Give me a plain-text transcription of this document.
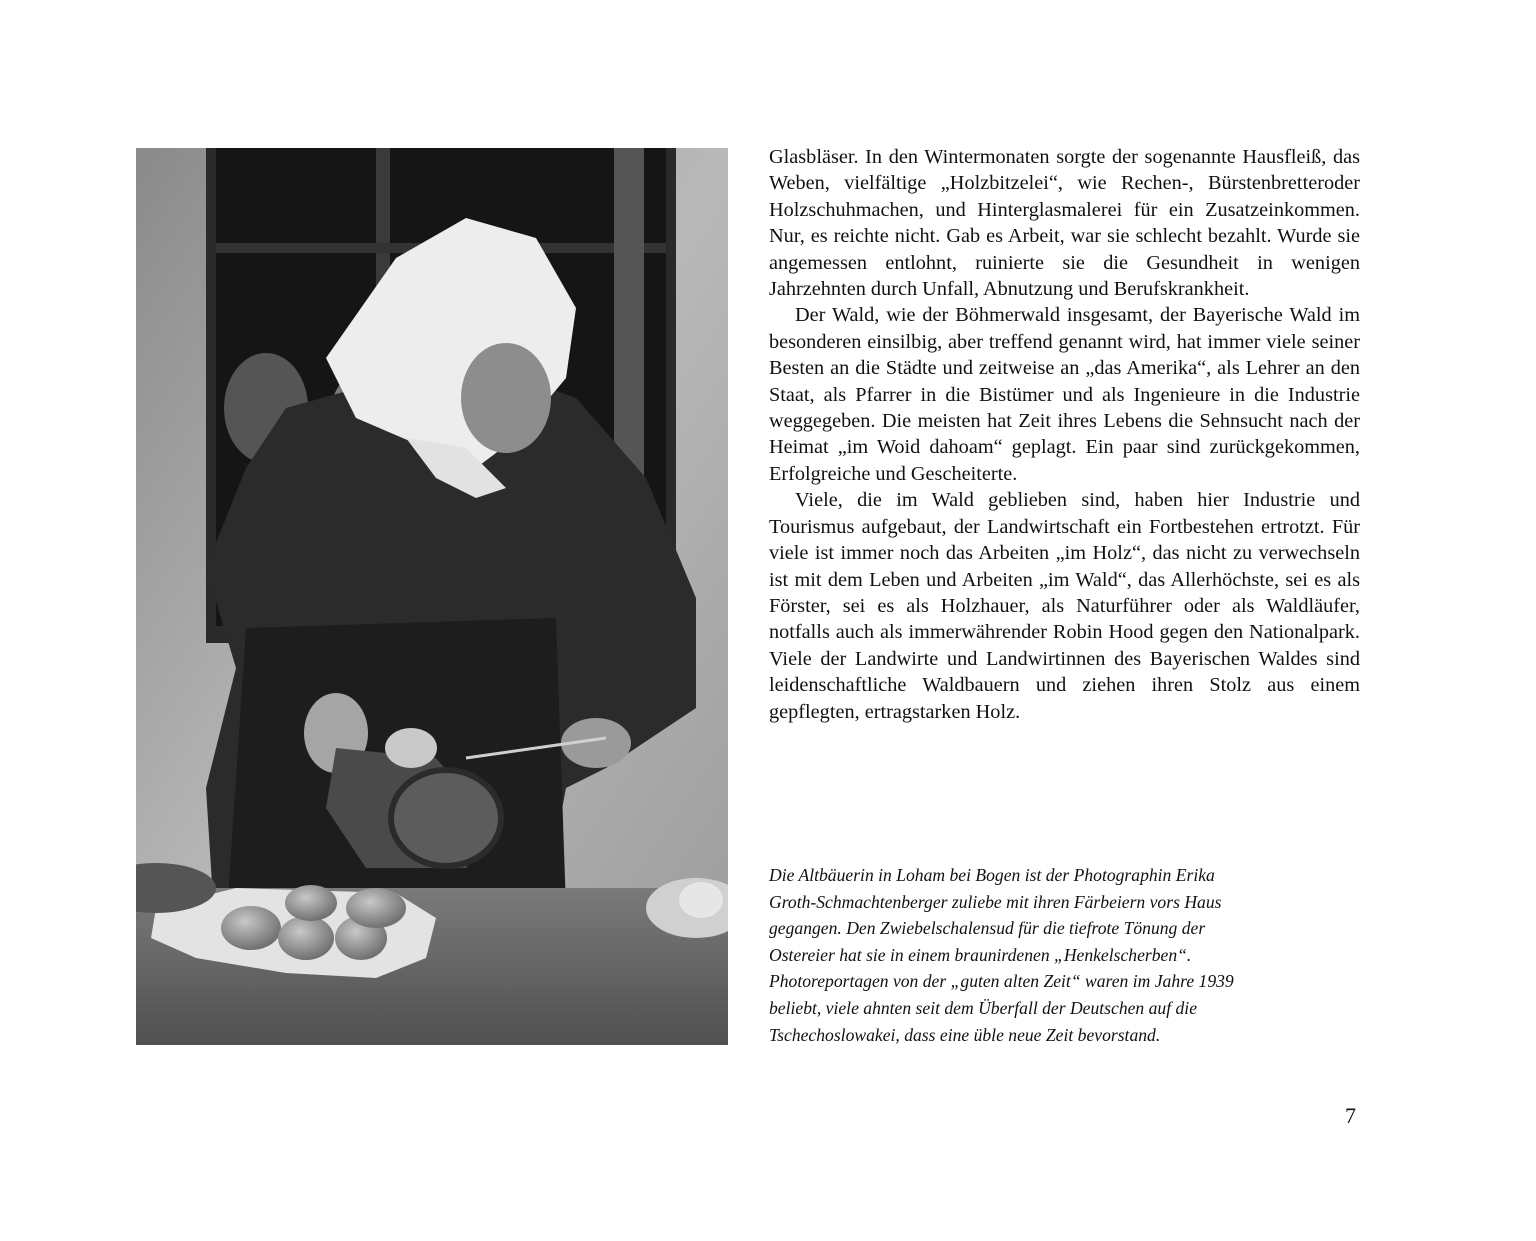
Glasbläser. In den Wintermonaten sorgte der sogenannte Hausfleiß, das Weben, vielfältige „Holzbitzelei“, wie Rechen-, Bürstenbretteroder Holzschuhmachen, und Hinterglasmalerei für ein Zusatzeinkommen. Nur, es reichte nicht. Gab es Arbeit, war sie schlecht bezahlt. Wurde sie angemessen entlohnt, ruinierte sie die Gesundheit in wenigen Jahrzehnten durch Unfall, Abnutzung und Berufskrankheit.

Der Wald, wie der Böhmerwald insgesamt, der Bayerische Wald im besonderen einsilbig, aber treffend genannt wird, hat immer viele seiner Besten an die Städte und zeitweise an „das Amerika“, als Lehrer an den Staat, als Pfarrer in die Bistümer und als Ingenieure in die Industrie weggegeben. Die meisten hat Zeit ihres Lebens die Sehnsucht nach der Heimat „im Woid dahoam“ geplagt. Ein paar sind zurückgekommen, Erfolgreiche und Gescheiterte.

Viele, die im Wald geblieben sind, haben hier Industrie und Tourismus aufgebaut, der Landwirtschaft ein Fortbestehen ertrotzt. Für viele ist immer noch das Arbeiten „im Holz“, das nicht zu verwechseln ist mit dem Leben und Arbeiten „im Wald“, das Allerhöchste, sei es als Förster, sei es als Holzhauer, als Naturführer oder als Waldläufer, notfalls auch als immerwährender Robin Hood gegen den Nationalpark. Viele der Landwirte und Landwirtinnen des Bayerischen Waldes sind leidenschaftliche Waldbauern und ziehen ihren Stolz aus einem gepflegten, ertragstarken Holz.

Die Altbäuerin in Loham bei Bogen ist der Photographin Erika
Groth-Schmachtenberger zuliebe mit ihren Färbeiern vors Haus
gegangen. Den Zwiebelschalensud für die tiefrote Tönung der
Ostereier hat sie in einem braunirdenen „Henkelscherben“.
Photoreportagen von der „guten alten Zeit“ waren im Jahre 1939
beliebt, viele ahnten seit dem Überfall der Deutschen auf die
Tschechoslowakei, dass eine üble neue Zeit bevorstand.
7
